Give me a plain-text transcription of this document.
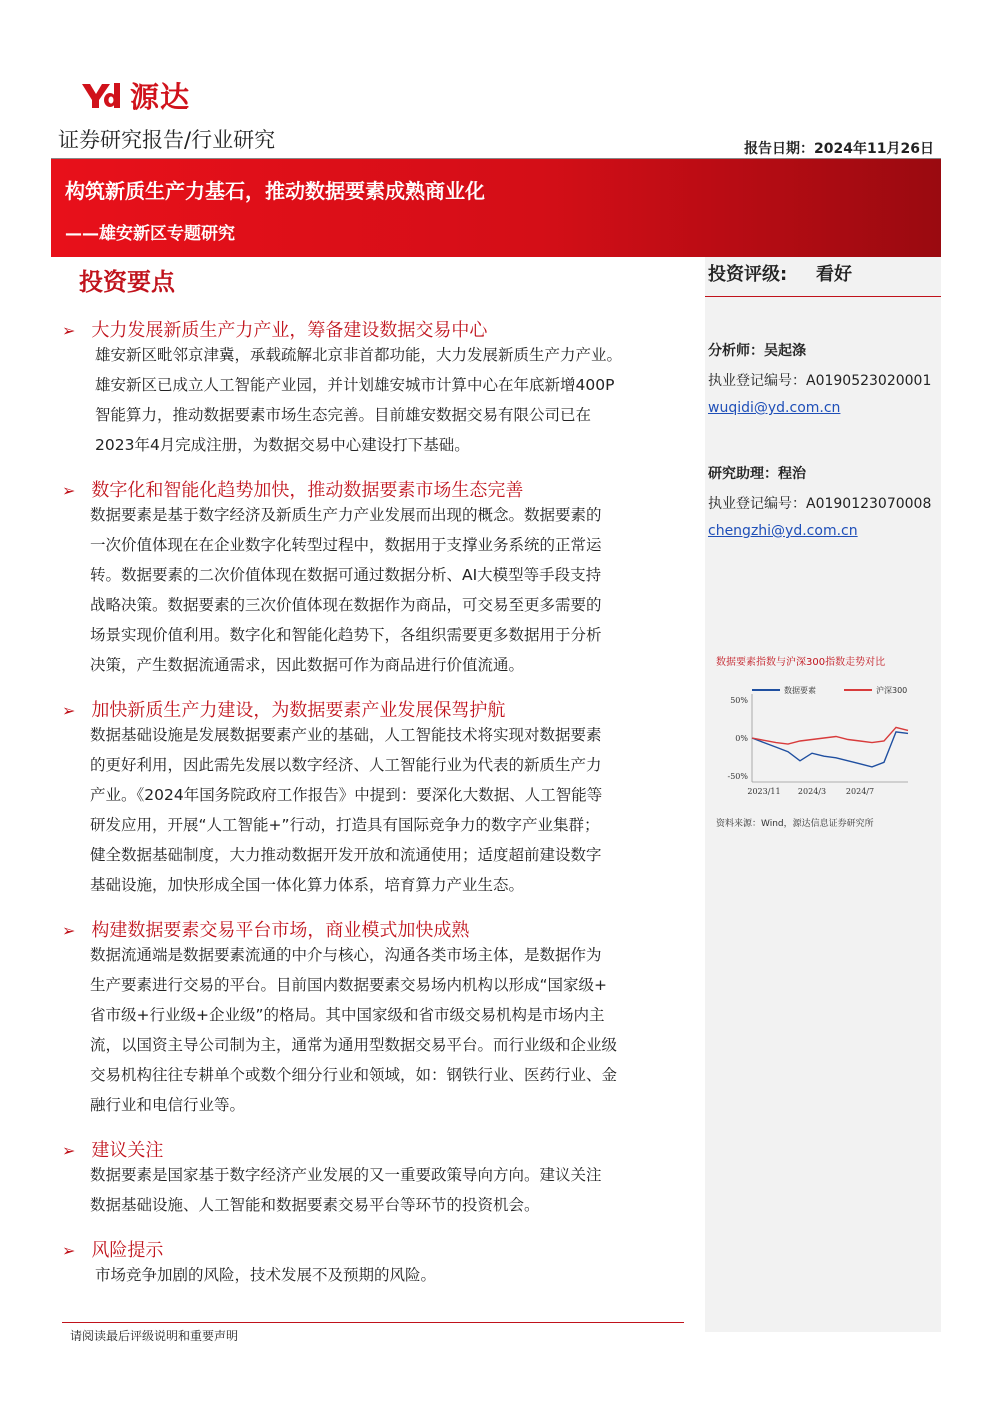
源达
证券研究报告/行业研究	报告日期：2024年11月26日
构筑新质生产力基石，推动数据要素成熟商业化
——雄安新区专题研究
投资评级: 看好
分析师：吴起涤
执业登记编号：A0190523020001
wuqidi@yd.com.cn
研究助理：程治
执业登记编号：A0190123070008
chengzhi@yd.com.cn
数据要素指数与沪深300指数走势对比
50%
0%
-50%
2023/11 2024/3 2024/7
数据要素	沪深300
资料来源：Wind，源达信息证券研究所
投资要点
➢ 大力发展新质生产力产业，筹备建设数据交易中心
雄安新区毗邻京津冀，承载疏解北京非首都功能，大力发展新质生产力产业。
雄安新区已成立人工智能产业园，并计划雄安城市计算中心在年底新增400P
智能算力，推动数据要素市场生态完善。目前雄安数据交易有限公司已在
2023年4月完成注册，为数据交易中心建设打下基础。
➢ 数字化和智能化趋势加快，推动数据要素市场生态完善
数据要素是基于数字经济及新质生产力产业发展而出现的概念。数据要素的
一次价值体现在在企业数字化转型过程中，数据用于支撑业务系统的正常运
转。数据要素的二次价值体现在数据可通过数据分析、AI大模型等手段支持
战略决策。数据要素的三次价值体现在数据作为商品，可交易至更多需要的
场景实现价值利用。数字化和智能化趋势下，各组织需要更多数据用于分析
决策，产生数据流通需求，因此数据可作为商品进行价值流通。
➢ 加快新质生产力建设，为数据要素产业发展保驾护航
数据基础设施是发展数据要素产业的基础，人工智能技术将实现对数据要素
的更好利用，因此需先发展以数字经济、人工智能行业为代表的新质生产力
产业。《2024年国务院政府工作报告》中提到：要深化大数据、人工智能等
研发应用，开展“人工智能+”行动，打造具有国际竞争力的数字产业集群；
健全数据基础制度，大力推动数据开发开放和流通使用；适度超前建设数字
基础设施，加快形成全国一体化算力体系，培育算力产业生态。
➢ 构建数据要素交易平台市场，商业模式加快成熟
数据流通端是数据要素流通的中介与核心，沟通各类市场主体，是数据作为
生产要素进行交易的平台。目前国内数据要素交易场内机构以形成“国家级+
省市级+行业级+企业级”的格局。其中国家级和省市级交易机构是市场内主
流，以国资主导公司制为主，通常为通用型数据交易平台。而行业级和企业级
交易机构往往专耕单个或数个细分行业和领域，如：钢铁行业、医药行业、金
融行业和电信行业等。
➢ 建议关注
数据要素是国家基于数字经济产业发展的又一重要政策导向方向。建议关注
数据基础设施、人工智能和数据要素交易平台等环节的投资机会。
➢ 风险提示
市场竞争加剧的风险，技术发展不及预期的风险。
请阅读最后评级说明和重要声明
